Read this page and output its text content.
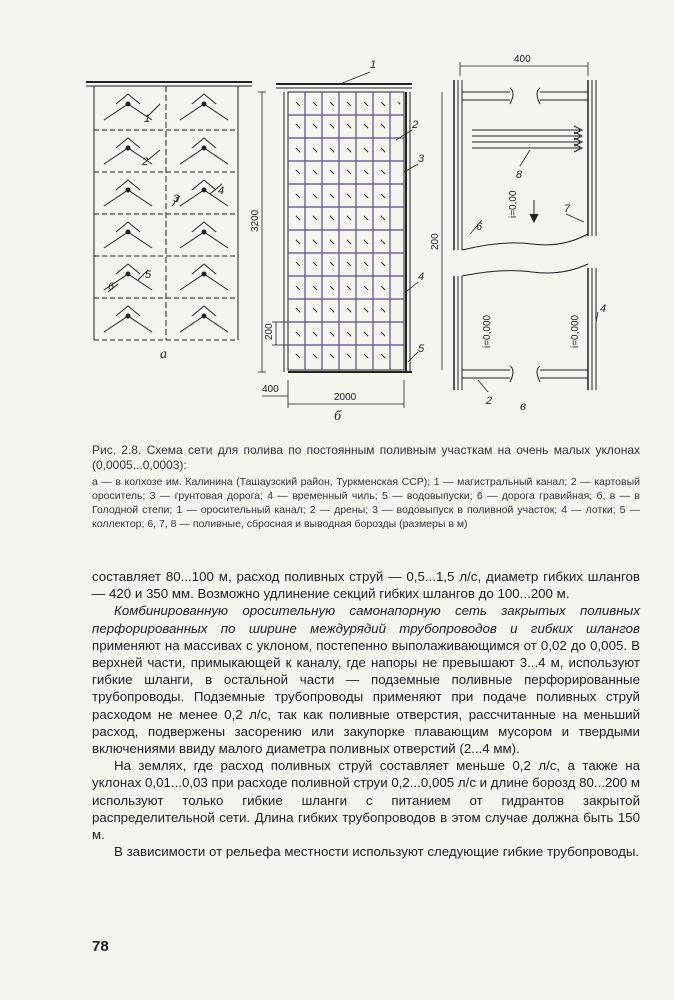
1
2
3
4
5
6
а
3200
200
400
2000
1
2
3
4
5
б
400
200
i=0,00
i=0,000	i=0,000
6
7
8
2
4
в
Рис. 2.8. Схема сети для полива по постоянным поливным участкам на очень малых уклонах (0,0005...0,0003):
а — в колхозе им. Калинина (Ташаузский район, Туркменская ССР); 1 — магистральный канал; 2 — картовый ороситель; 3 — грунтовая дорога; 4 — временный чиль; 5 — водовыпуски; 6 — дорога гравийная; б, в — в Голодной степи; 1 — оросительный канал; 2 — дрены; 3 — водовыпуск в поливной участок; 4 — лотки; 5 — коллектор; 6, 7, 8 — поливные, сбросная и выводная борозды (размеры в м)

составляет 80...100 м, расход поливных струй — 0,5...1,5 л/с, диаметр гибких шлангов — 420 и 350 мм. Возможно удлинение секций гибких шлангов до 100...200 м.

Комбинированную оросительную самонапорную сеть закрытых поливных перфорированных по ширине междурядий трубопроводов и гибких шлангов применяют на массивах с уклоном, постепенно выполаживающимся от 0,02 до 0,005. В верхней части, примыкающей к каналу, где напоры не превышают 3...4 м, используют гибкие шланги, в остальной части — подземные поливные перфорированные трубопроводы. Подземные трубопроводы применяют при подаче поливных струй расходом не менее 0,2 л/с, так как поливные отверстия, рассчитанные на меньший расход, подвержены засорению или закупорке плавающим мусором и твердыми включениями ввиду малого диаметра поливных отверстий (2...4 мм).

На землях, где расход поливных струй составляет меньше 0,2 л/с, а также на уклонах 0,01...0,03 при расходе поливной струи 0,2...0,005 л/с и длине борозд 80...200 м используют только гибкие шланги с питанием от гидрантов закрытой распределительной сети. Длина гибких трубопроводов в этом случае должна быть 150 м.

В зависимости от рельефа местности используют следующие гибкие трубопроводы.

78
